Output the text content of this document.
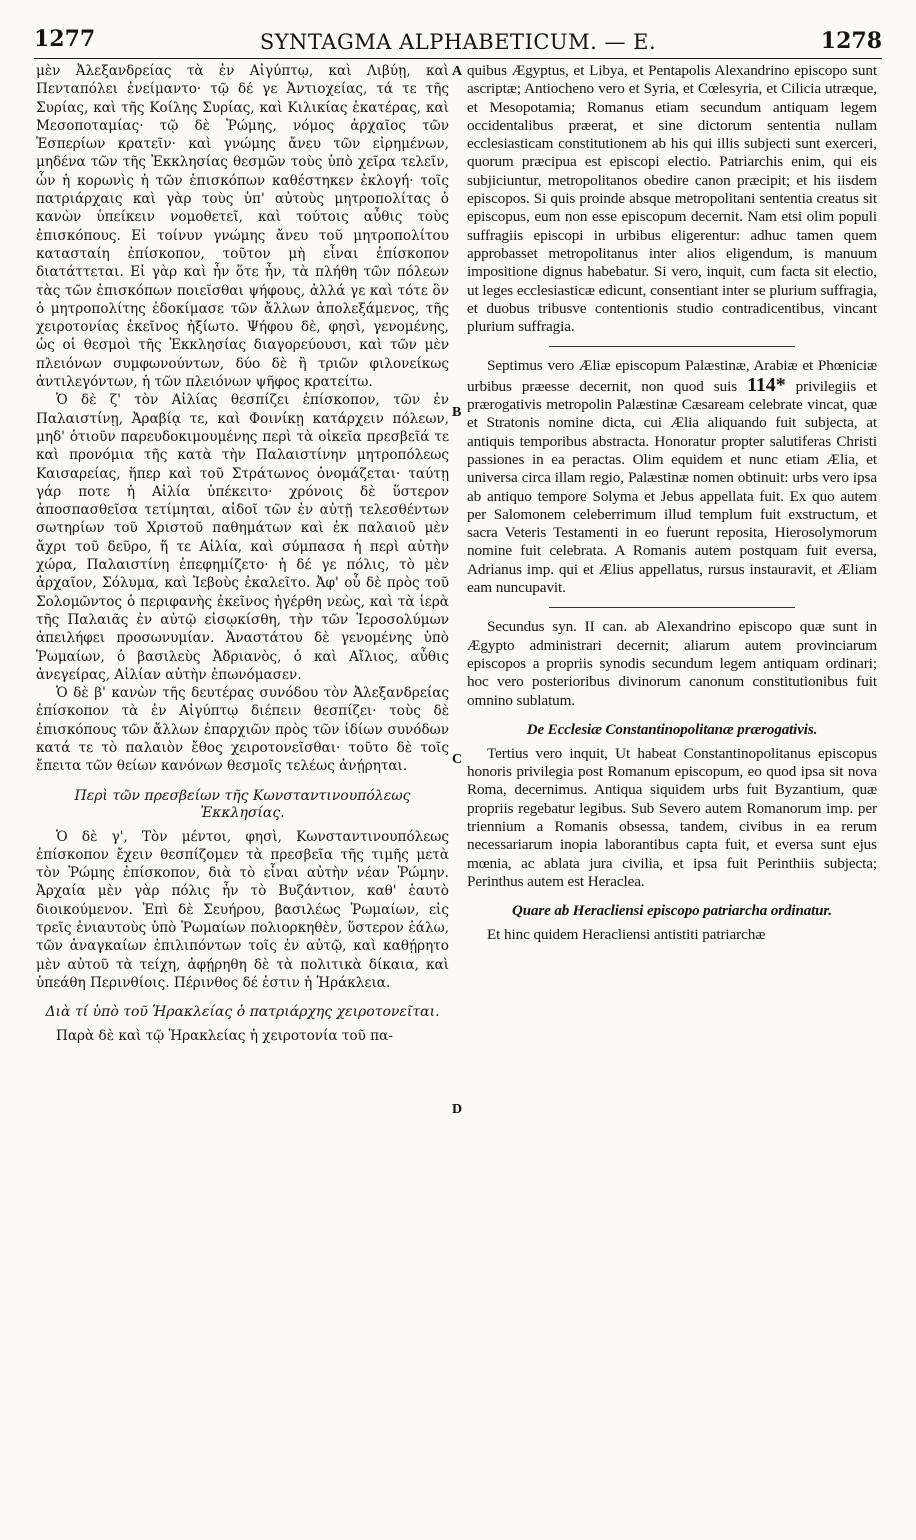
1277	SYNTAGMA ALPHABETICUM. — E.	1278
A
B
C
D

μὲν Ἀλεξανδρείας τὰ ἐν Αἰγύπτῳ, καὶ Λιβύῃ, καὶ Πενταπόλει ἐνείμαντο· τῷ δέ γε Ἀντιοχείας, τά τε τῆς Συρίας, καὶ τῆς Κοίλης Συρίας, καὶ Κιλικίας ἑκατέρας, καὶ Μεσοποταμίας· τῷ δὲ Ῥώμης, νόμος ἀρχαῖος τῶν Ἑσπερίων κρατεῖν· καὶ γνώμης ἄνευ τῶν εἰρημένων, μηδένα τῶν τῆς Ἐκκλησίας θεσμῶν τοὺς ὑπὸ χεῖρα τελεῖν, ὧν ἡ κορωνὶς ἡ τῶν ἐπισκόπων καθέστηκεν ἐκλογή· τοῖς πατριάρχαις καὶ γὰρ τοὺς ὑπ' αὐτοὺς μητροπολίτας ὁ κανὼν ὑπείκειν νομοθετεῖ, καὶ τούτοις αὖθις τοὺς ἐπισκόπους. Εἰ τοίνυν γνώμης ἄνευ τοῦ μητροπολίτου κατασταίη ἐπίσκοπον, τοῦτον μὴ εἶναι ἐπίσκοπον διατάττεται. Εἰ γὰρ καὶ ἦν ὅτε ἦν, τὰ πλήθη τῶν πόλεων τὰς τῶν ἐπισκόπων ποιεῖσθαι ψήφους, ἀλλά γε καὶ τότε ὃν ὁ μητροπολίτης ἐδοκίμασε τῶν ἄλλων ἀπολεξάμενος, τῆς χειροτονίας ἐκεῖνος ἠξίωτο. Ψήφου δὲ, φησὶ, γενομένης, ὡς οἱ θεσμοὶ τῆς Ἐκκλησίας διαγορεύουσι, καὶ τῶν μὲν πλειόνων συμφωνούντων, δύο δὲ ἢ τριῶν φιλονείκως ἀντιλεγόντων, ἡ τῶν πλειόνων ψῆφος κρατείτω.

Ὁ δὲ ζ' τὸν Αἰλίας θεσπίζει ἐπίσκοπον, τῶν ἐν Παλαιστίνῃ, Ἀραβίᾳ τε, καὶ Φοινίκῃ κατάρχειν πόλεων, μηδ' ὁτιοῦν παρευδοκιμουμένης περὶ τὰ οἰκεῖα πρεσβεῖά τε καὶ προνόμια τῆς κατὰ τὴν Παλαιστίνην μητροπόλεως Καισαρείας, ἥπερ καὶ τοῦ Στράτωνος ὀνομάζεται· ταύτῃ γάρ ποτε ἡ Αἰλία ὑπέκειτο· χρόνοις δὲ ὕστερον ἀποσπασθεῖσα τετίμηται, αἰδοῖ τῶν ἐν αὐτῇ τελεσθέντων σωτηρίων τοῦ Χριστοῦ παθημάτων καὶ ἐκ παλαιοῦ μὲν ἄχρι τοῦ δεῦρο, ἥ τε Αἰλία, καὶ σύμπασα ἡ περὶ αὐτὴν χώρα, Παλαιστίνη ἐπεφημίζετο· ἡ δέ γε πόλις, τὸ μὲν ἀρχαῖον, Σόλυμα, καὶ Ἰεβοὺς ἐκαλεῖτο. Ἀφ' οὗ δὲ πρὸς τοῦ Σολομῶντος ὁ περιφανὴς ἐκεῖνος ἠγέρθη νεὼς, καὶ τὰ ἱερὰ τῆς Παλαιᾶς ἐν αὐτῷ εἰσῳκίσθη, τὴν τῶν Ἱεροσολύμων ἀπειλήφει προσωνυμίαν. Ἀναστάτου δὲ γενομένης ὑπὸ Ῥωμαίων, ὁ βασιλεὺς Ἀδριανὸς, ὁ καὶ Αἴλιος, αὖθις ἀνεγείρας, Αἰλίαν αὐτὴν ἐπωνόμασεν.

Ὁ δὲ β' κανὼν τῆς δευτέρας συνόδου τὸν Ἀλεξανδρείας ἐπίσκοπον τὰ ἐν Αἰγύπτῳ διέπειν θεσπίζει· τοὺς δὲ ἐπισκόπους τῶν ἄλλων ἐπαρχιῶν πρὸς τῶν ἰδίων συνόδων κατά τε τὸ παλαιὸν ἔθος χειροτονεῖσθαι· τοῦτο δὲ τοῖς ἔπειτα τῶν θείων κανόνων θεσμοῖς τελέως ἀνῄρηται.

Περὶ τῶν πρεσβείων τῆς Κωνσταντινουπόλεως Ἐκκλησίας.

Ὁ δὲ γ', Τὸν μέντοι, φησὶ, Κωνσταντινουπόλεως ἐπίσκοπον ἔχειν θεσπίζομεν τὰ πρεσβεῖα τῆς τιμῆς μετὰ τὸν Ῥώμης ἐπίσκοπον, διὰ τὸ εἶναι αὐτὴν νέαν Ῥώμην. Ἀρχαία μὲν γὰρ πόλις ἦν τὸ Βυζάντιον, καθ' ἑαυτὸ διοικούμενον. Ἐπὶ δὲ Σευήρου, βασιλέως Ῥωμαίων, εἰς τρεῖς ἐνιαυτοὺς ὑπὸ Ῥωμαίων πολιορκηθὲν, ὕστερον ἑάλω, τῶν ἀναγκαίων ἐπιλιπόντων τοῖς ἐν αὐτῷ, καὶ καθῄρητο μὲν αὐτοῦ τὰ τείχη, ἀφῄρηθη δὲ τὰ πολιτικὰ δίκαια, καὶ ὑπεάθη Περινθίοις. Πέρινθος δέ ἐστιν ἡ Ἡράκλεια.

Διὰ τί ὑπὸ τοῦ Ἡρακλείας ὁ πατριάρχης χειροτονεῖται.

Παρὰ δὲ καὶ τῷ Ἡρακλείας ἡ χειροτονία τοῦ πα-

quibus Ægyptus, et Libya, et Pentapolis Alexandrino episcopo sunt ascriptæ; Antiocheno vero et Syria, et Cœlesyria, et Cilicia utræque, et Mesopotamia; Romanus etiam secundum antiquam legem occidentalibus præerat, et sine dictorum sententia nullam ecclesiasticam constitutionem ab his qui illis subjecti sunt exerceri, quorum præcipua est episcopi electio. Patriarchis enim, qui eis subjiciuntur, metropolitanos obedire canon præcipit; et his iisdem episcopos. Si quis proinde absque metropolitani sententia creatus sit episcopus, eum non esse episcopum decernit. Nam etsi olim populi suffragiis episcopi in urbibus eligerentur: adhuc tamen quem approbasset metropolitanus inter alios eligendum, is manuum impositione dignus habebatur. Si vero, inquit, cum facta sit electio, ut leges ecclesiasticæ edicunt, consentiant inter se plurium suffragia, et duobus tribusve contentionis studio contradicentibus, vincant plurium suffragia.

Septimus vero Æliæ episcopum Palæstinæ, Arabiæ et Phœniciæ urbibus præesse decernit, non quod suis 114* privilegiis et prærogativis metropolin Palæstinæ Cæsaream celebrate vincat, quæ et Stratonis nomine dicta, cui Ælia aliquando fuit subjecta, at antiquis temporibus abstracta. Honoratur propter salutiferas Christi passiones in ea peractas. Olim equidem et nunc etiam Ælia, et universa circa illam regio, Palæstinæ nomen obtinuit: urbs vero ipsa ab antiquo tempore Solyma et Jebus appellata fuit. Ex quo autem per Salomonem celeberrimum illud templum fuit exstructum, et sacra Veteris Testamenti in eo fuerunt reposita, Hierosolymorum nomine fuit celebrata. A Romanis autem postquam fuit eversa, Adrianus imp. qui et Ælius appellatus, rursus instauravit, et Æliam eam nuncupavit.

Secundus syn. II can. ab Alexandrino episcopo quæ sunt in Ægypto administrari decernit; aliarum autem provinciarum episcopos a propriis synodis secundum legem antiquam ordinari; hoc vero posterioribus divinorum canonum constitutionibus fuit omnino sublatum.

De Ecclesiæ Constantinopolitanæ prærogativis.

Tertius vero inquit, Ut habeat Constantinopolitanus episcopus honoris privilegia post Romanum episcopum, eo quod ipsa sit nova Roma, decernimus. Antiqua siquidem urbs fuit Byzantium, quæ propriis regebatur legibus. Sub Severo autem Romanorum imp. per triennium a Romanis obsessa, tandem, civibus in ea rerum necessariarum inopia laborantibus capta fuit, et eversa sunt ejus mœnia, ac ablata jura civilia, et ipsa fuit Perinthiis subjecta; Perinthus autem est Heraclea.

Quare ab Heracliensi episcopo patriarcha ordinatur.

Et hinc quidem Heracliensi antistiti patriarchæ
